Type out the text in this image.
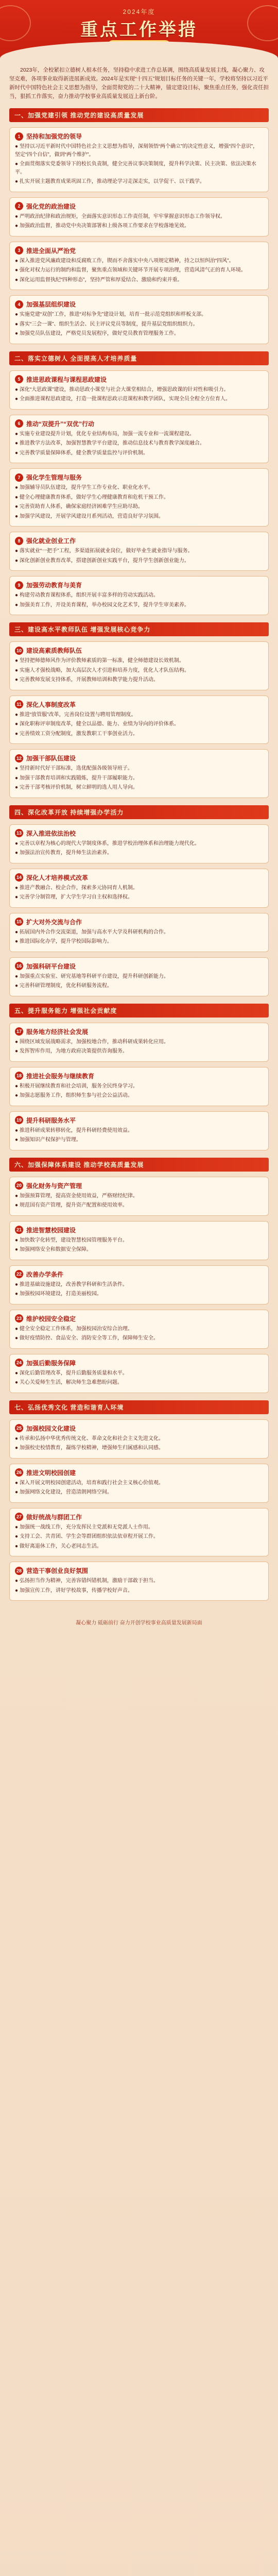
2024年度
重点工作举措

2023年，全校紧扣立德树人根本任务，坚持稳中求进工作总基调，围绕高质量发展主线，凝心聚力、攻坚克难，各项事业取得新进展新成效。2024年是实现“十四五”规划目标任务的关键一年，学校将坚持以习近平新时代中国特色社会主义思想为指导，全面贯彻党的二十大精神，锚定建设目标，聚焦重点任务，强化责任担当，狠抓工作落实，奋力推动学校事业高质量发展迈上新台阶。

一、加强党建引领 推动党的建设高质量发展
1 坚持和加强党的领导

● 坚持以习近平新时代中国特色社会主义思想为指导，深刻领悟“两个确立”的决定性意义，增强“四个意识”，坚定“四个自信”，做到“两个维护”。

● 全面贯彻落实党委领导下的校长负责制，健全完善议事决策制度，提升科学决策、民主决策、依法决策水平。

● 扎实开展主题教育成果巩固工作，推动理论学习走深走实，以学促干、以干践学。

2 强化党的政治建设

● 严明政治纪律和政治规矩，全面落实意识形态工作责任制，牢牢掌握意识形态工作领导权。

● 加强政治监督，推动党中央决策部署和上级各项工作要求在学校落地见效。

3 推进全面从严治党

● 深入推进党风廉政建设和反腐败工作，锲而不舍落实中央八项规定精神，持之以恒纠治“四风”。

● 强化对权力运行的制约和监督，聚焦重点领域和关键环节开展专项治理，营造风清气正的育人环境。

● 深化运用监督执纪“四种形态”，坚持严管和厚爱结合、激励和约束并重。

4 加强基层组织建设

● 实施党建“双创”工作，推进“对标争先”建设计划，培育一批示范党组织和样板支部。

● 落实“三会一课”、组织生活会、民主评议党员等制度，提升基层党组织组织力。

● 加强党员队伍建设，严格党员发展程序，做好党员教育管理服务工作。

二、落实立德树人 全面提高人才培养质量
5 推进思政课程与课程思政建设

● 深化“大思政课”建设，推动思政小课堂与社会大课堂相结合，增强思政课的针对性和吸引力。

● 全面推进课程思政建设，打造一批课程思政示范课程和教学团队，实现全员全程全方位育人。

6 推动“双提升”“双优”行动

● 实施专业建设提升计划，优化专业结构布局，加强一流专业和一流课程建设。

● 推进教学方法改革，加强智慧教学平台建设，推动信息技术与教育教学深度融合。

● 完善教学质量保障体系，健全教学质量监控与评价机制。

7 强化学生管理与服务

● 加强辅导员队伍建设，提升学生工作专业化、职业化水平。

● 健全心理健康教育体系，做好学生心理健康教育和危机干预工作。

● 完善资助育人体系，确保家庭经济困难学生应助尽助。

● 加强学风建设，开展学风建设月系列活动，营造良好学习氛围。

8 强化就业创业工作

● 落实就业“一把手”工程，多渠道拓展就业岗位，做好毕业生就业指导与服务。

● 深化创新创业教育改革，搭建创新创业实践平台，提升学生创新创业能力。

9 加强劳动教育与美育

● 构建劳动教育课程体系，组织开展丰富多样的劳动实践活动。

● 加强美育工作，开设美育课程，举办校园文化艺术节，提升学生审美素养。

三、建设高水平教师队伍 增强发展核心竞争力
10 建设高素质教师队伍

● 坚持把师德师风作为评价教师素质的第一标准，健全师德建设长效机制。

● 实施人才强校战略，加大高层次人才引进和培养力度，优化人才队伍结构。

● 完善教师发展支持体系，开展教师培训和教学能力提升活动。

11 深化人事制度改革

● 推进“放管服”改革，完善岗位设置与聘用管理制度。

● 深化职称评审制度改革，健全以品德、能力、业绩为导向的评价体系。

● 完善绩效工资分配制度，激发教职工干事创业活力。

12 加强干部队伍建设

● 坚持新时代好干部标准，选优配强各级领导班子。

● 加强干部教育培训和实践锻炼，提升干部履职能力。

● 完善干部考核评价机制，树立鲜明的选人用人导向。

四、深化改革开放 持续增强办学活力
13 深入推进依法治校

● 完善以章程为核心的现代大学制度体系，推进学校治理体系和治理能力现代化。

● 加强法治宣传教育，提升师生法治素养。

14 深化人才培养模式改革

● 推进产教融合、校企合作，探索多元协同育人机制。

● 完善学分制管理，扩大学生学习自主权和选择权。

15 扩大对外交流与合作

● 拓展国内外合作交流渠道，加强与高水平大学及科研机构的合作。

● 推进国际化办学，提升学校国际影响力。

16 加强科研平台建设

● 加强重点实验室、研究基地等科研平台建设，提升科研创新能力。

● 完善科研管理制度，优化科研服务流程。

五、提升服务能力 增强社会贡献度
17 服务地方经济社会发展

● 围绕区域发展战略需求，加强校地合作，推动科研成果转化应用。

● 发挥智库作用，为地方政府决策提供咨询服务。

18 推进社会服务与继续教育

● 积极开展继续教育和社会培训，服务全民终身学习。

● 加强志愿服务工作，组织师生参与社会公益活动。

19 提升科研服务水平

● 推进科研成果转移转化，提升科研经费使用效益。

● 加强知识产权保护与管理。

六、加强保障体系建设 推动学校高质量发展
20 强化财务与资产管理

● 加强预算管理，提高资金使用效益，严格财经纪律。

● 规范国有资产管理，提升资产配置和使用效率。

21 推进智慧校园建设

● 加快数字化转型，建设智慧校园管理服务平台。

● 加强网络安全和数据安全保障。

22 改善办学条件

● 推进基础设施建设，改善教学科研和生活条件。

● 加强校园环境建设，打造美丽校园。

23 维护校园安全稳定

● 健全安全稳定工作体系，加强校园治安综合治理。

● 做好疫情防控、食品安全、消防安全等工作，保障师生安全。

24 加强后勤服务保障

● 深化后勤管理改革，提升后勤服务质量和水平。

● 关心关爱师生生活，解决师生急难愁盼问题。

七、弘扬优秀文化 营造和谐育人环境
25 加强校园文化建设

● 传承和弘扬中华优秀传统文化、革命文化和社会主义先进文化。

● 加强校史校情教育，凝练学校精神，增强师生归属感和认同感。

26 推进文明校园创建

● 深入开展文明校园创建活动，培育和践行社会主义核心价值观。

● 加强网络文化建设，营造清朗网络空间。

27 做好统战与群团工作

● 加强统一战线工作，充分发挥民主党派和无党派人士作用。

● 支持工会、共青团、学生会等群团组织依法依章程开展工作。

● 做好离退休工作，关心老同志生活。

28 营造干事创业良好氛围

● 弘扬担当作为精神，完善容错纠错机制，激励干部敢于担当。

● 加强宣传工作，讲好学校故事，传播学校好声音。

凝心聚力 砥砺前行 奋力开创学校事业高质量发展新局面
